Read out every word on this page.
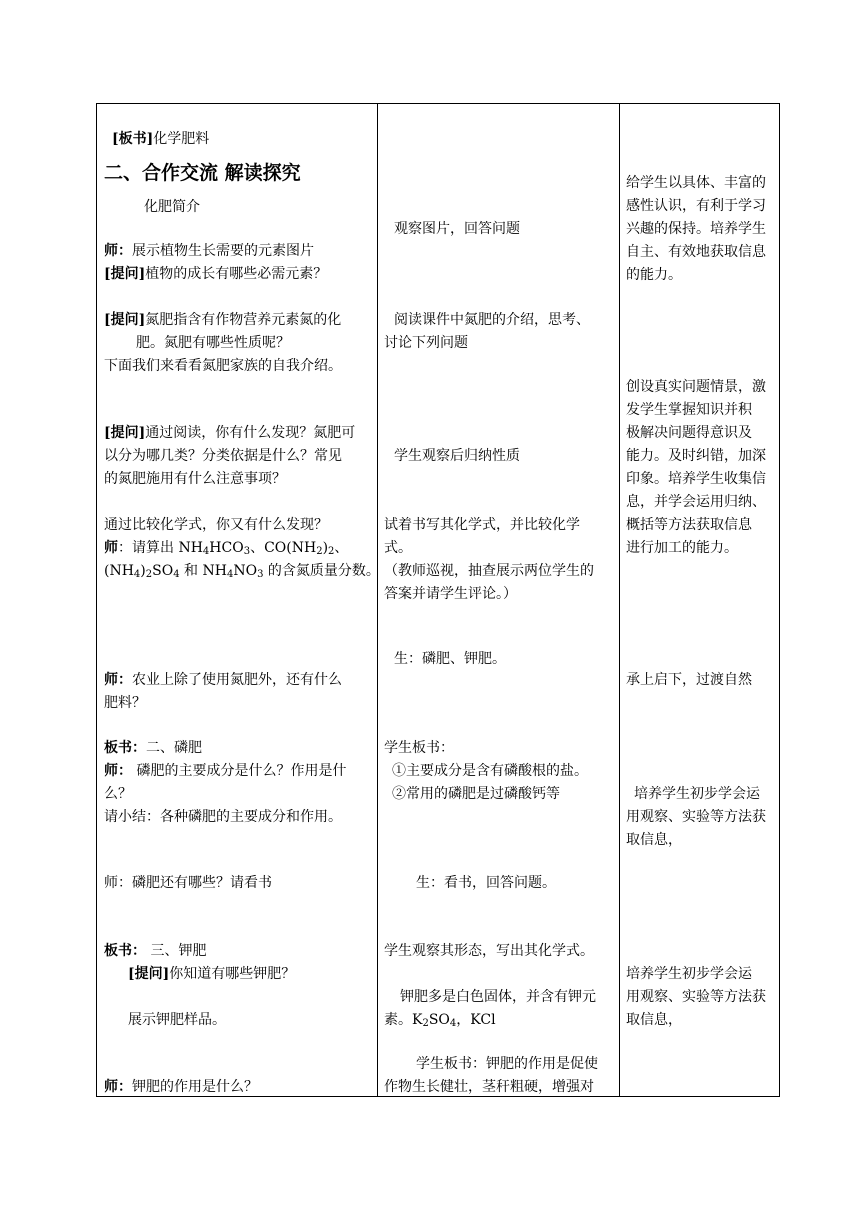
[板书]化学肥料
二、合作交流 解读探究
化肥简介
师：展示植物生长需要的元素图片
[提问]植物的成长有哪些必需元素？
[提问]氮肥指含有作物营养元素氮的化
肥。氮肥有哪些性质呢？
下面我们来看看氮肥家族的自我介绍。
[提问]通过阅读，你有什么发现？氮肥可
以分为哪几类？分类依据是什么？常见
的氮肥施用有什么注意事项？
通过比较化学式，你又有什么发现？
师：请算出 $NH_4HCO_3$、$CO(NH_2)_2$、
$(NH_4)_2SO_4$ 和 $NH_4NO_3$ 的含氮质量分数。
师：农业上除了使用氮肥外，还有什么
肥料？
板书：二、磷肥
师： 磷肥的主要成分是什么？作用是什
么？
请小结：各种磷肥的主要成分和作用。
师：磷肥还有哪些？请看书
板书： 三、钾肥
[提问]你知道有哪些钾肥？
展示钾肥样品。
师：钾肥的作用是什么？
观察图片，回答问题
阅读课件中氮肥的介绍，思考、
讨论下列问题
学生观察后归纳性质
试着书写其化学式，并比较化学
式。
（教师巡视，抽查展示两位学生的
答案并请学生评论。）
生：磷肥、钾肥。
学生板书：
①主要成分是含有磷酸根的盐。
②常用的磷肥是过磷酸钙等
生：看书，回答问题。
学生观察其形态，写出其化学式。
钾肥多是白色固体，并含有钾元
素。$K_2SO_4$，KCl
学生板书：钾肥的作用是促使
作物生长健壮，茎秆粗硬，增强对
给学生以具体、丰富的
感性认识，有利于学习
兴趣的保持。培养学生
自主、有效地获取信息
的能力。
创设真实问题情景，激
发学生掌握知识并积
极解决问题得意识及
能力。及时纠错，加深
印象。培养学生收集信
息，并学会运用归纳、
概括等方法获取信息
进行加工的能力。
承上启下，过渡自然
培养学生初步学会运
用观察、实验等方法获
取信息，
培养学生初步学会运
用观察、实验等方法获
取信息，
